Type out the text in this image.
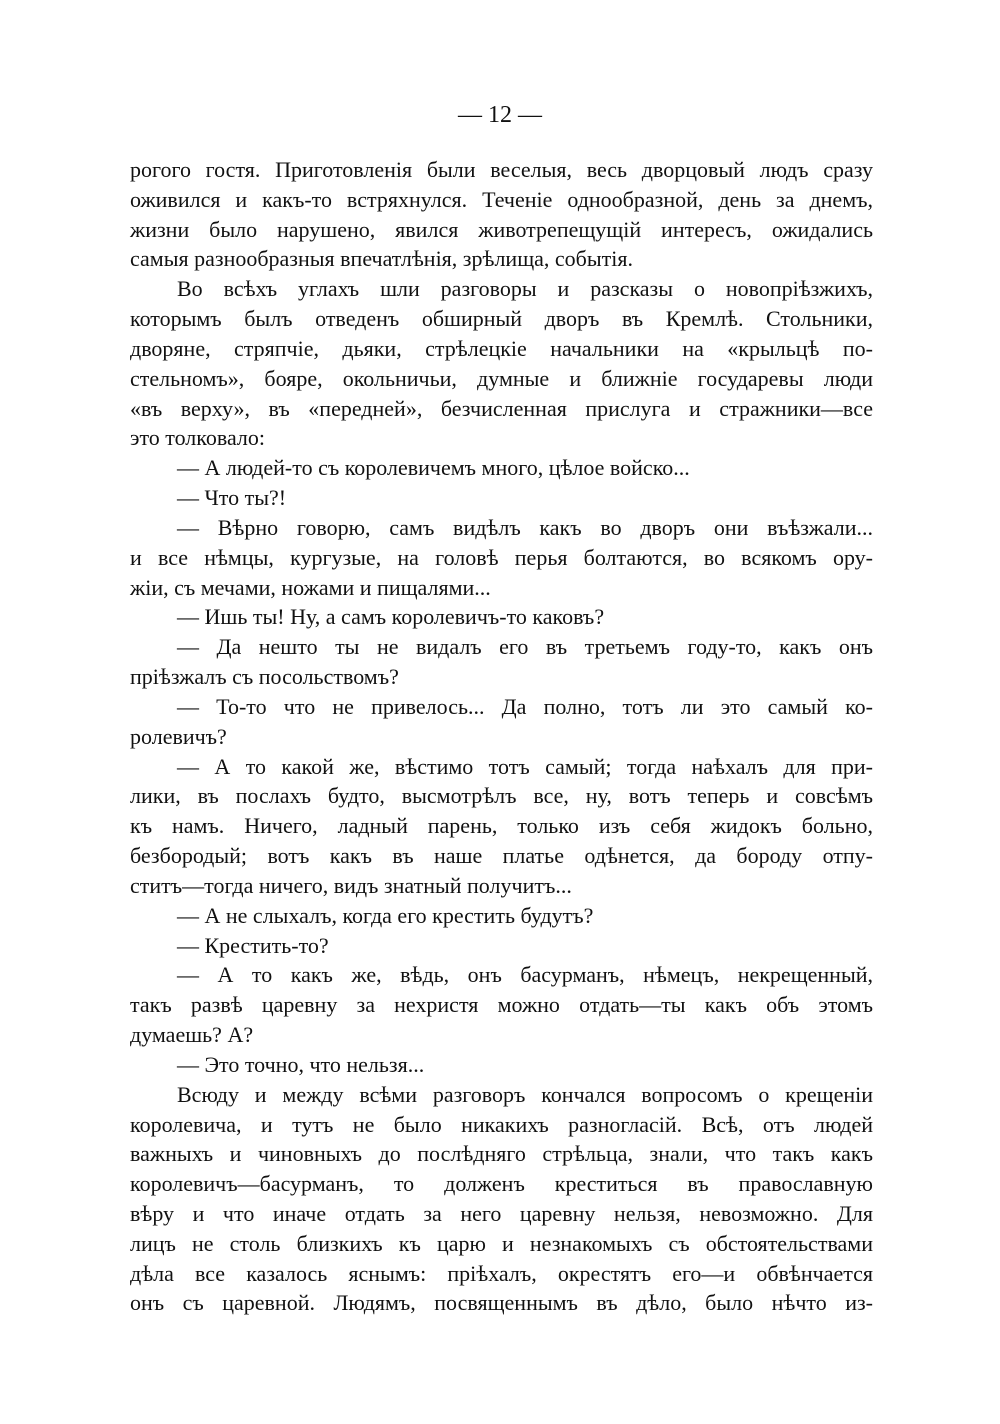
— 12 —
рогого гостя. Приготовленія были веселыя, весь дворцовый людъ сразу
оживился и какъ-то встряхнулся. Теченіе однообразной, день за днемъ,
жизни было нарушено, явился животрепещущій интересъ, ожидались
самыя разнообразныя впечатлѣнія, зрѣлища, событія.
Во всѣхъ углахъ шли разговоры и разсказы о новопріѣзжихъ,
которымъ былъ отведенъ обширный дворъ въ Кремлѣ. Стольники,
дворяне, стряпчіе, дьяки, стрѣлецкіе начальники на «крыльцѣ по-
стельномъ», бояре, окольничьи, думные и ближніе государевы люди
«въ верху», въ «передней», безчисленная прислуга и стражники—все
это толковало:
— А людей-то съ королевичемъ много, цѣлое войско...
— Что ты?!
— Вѣрно говорю, самъ видѣлъ какъ во дворъ они въѣзжали...
и все нѣмцы, кургузые, на головѣ перья болтаются, во всякомъ ору-
жіи, съ мечами, ножами и пищалями...
— Ишь ты! Ну, а самъ королевичъ-то каковъ?
— Да нешто ты не видалъ его въ третьемъ году-то, какъ онъ
пріѣзжалъ съ посольствомъ?
— То-то что не привелось... Да полно, тотъ ли это самый ко-
ролевичъ?
— А то какой же, вѣстимо тотъ самый; тогда наѣхалъ для при-
лики, въ послахъ будто, высмотрѣлъ все, ну, вотъ теперь и совсѣмъ
къ намъ. Ничего, ладный парень, только изъ себя жидокъ больно,
безбородый; вотъ какъ въ наше платье одѣнется, да бороду отпу-
ститъ—тогда ничего, видъ знатный получитъ...
— А не слыхалъ, когда его крестить будутъ?
— Крестить-то?
— А то какъ же, вѣдь, онъ басурманъ, нѣмецъ, некрещенный,
такъ развѣ царевну за нехристя можно отдать—ты какъ объ этомъ
думаешь? А?
— Это точно, что нельзя...
Всюду и между всѣми разговоръ кончался вопросомъ о крещеніи
королевича, и тутъ не было никакихъ разногласій. Всѣ, отъ людей
важныхъ и чиновныхъ до послѣдняго стрѣльца, знали, что такъ какъ
королевичъ—басурманъ, то долженъ креститься въ православную
вѣру и что иначе отдать за него царевну нельзя, невозможно. Для
лицъ не столь близкихъ къ царю и незнакомыхъ съ обстоятельствами
дѣла все казалось яснымъ: пріѣхалъ, окрестятъ его—и обвѣнчается
онъ съ царевной. Людямъ, посвященнымъ въ дѣло, было нѣчто из-
